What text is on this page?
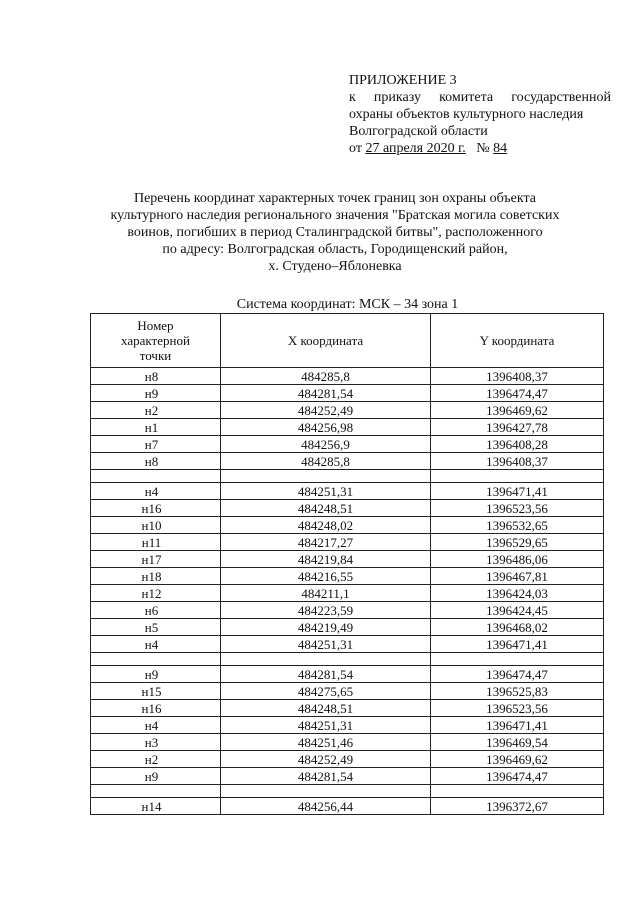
ПРИЛОЖЕНИЕ 3
к приказу комитета государственной
охраны объектов культурного наследия
Волгоградской области
от 27 апреля 2020 г. № 84
Перечень координат характерных точек границ зон охраны объекта
культурного наследия регионального значения "Братская могила советских
воинов, погибших в период Сталинградской битвы", расположенного
по адресу: Волгоградская область, Городищенский район,
х. Студено–Яблоневка
Система координат: МСК – 34 зона 1
Номер
характерной
точки	X координата	Y координата
н8	484285,8	1396408,37
н9	484281,54	1396474,47
н2	484252,49	1396469,62
н1	484256,98	1396427,78
н7	484256,9	1396408,28
н8	484285,8	1396408,37

н4	484251,31	1396471,41
н16	484248,51	1396523,56
н10	484248,02	1396532,65
н11	484217,27	1396529,65
н17	484219,84	1396486,06
н18	484216,55	1396467,81
н12	484211,1	1396424,03
н6	484223,59	1396424,45
н5	484219,49	1396468,02
н4	484251,31	1396471,41

н9	484281,54	1396474,47
н15	484275,65	1396525,83
н16	484248,51	1396523,56
н4	484251,31	1396471,41
н3	484251,46	1396469,54
н2	484252,49	1396469,62
н9	484281,54	1396474,47

н14	484256,44	1396372,67
